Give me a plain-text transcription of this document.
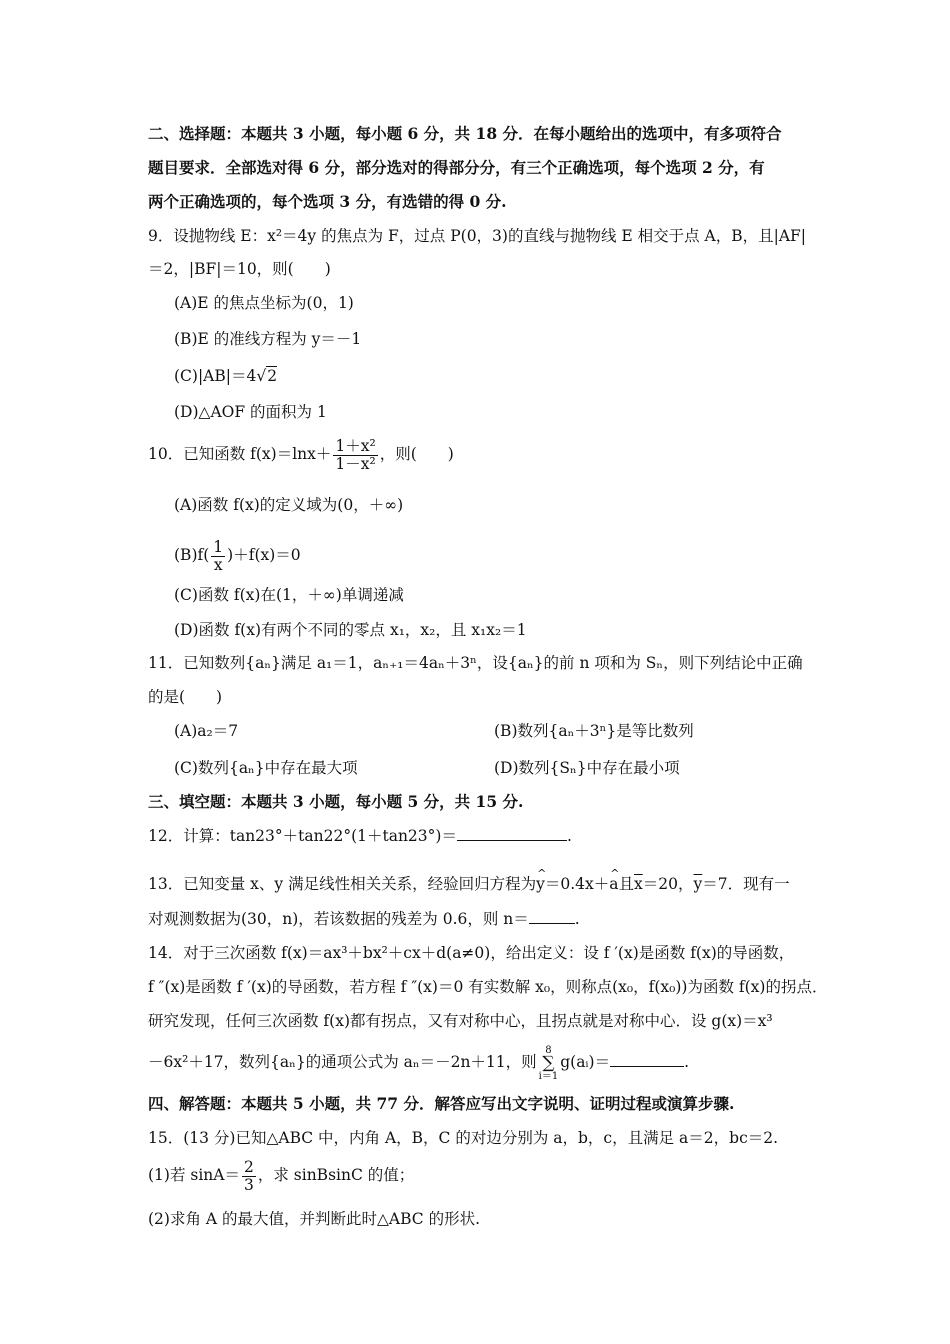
二、选择题：本题共 3 小题，每小题 6 分，共 18 分．在每小题给出的选项中，有多项符合
题目要求．全部选对得 6 分，部分选对的得部分分，有三个正确选项，每个选项 2 分，有
两个正确选项的，每个选项 3 分，有选错的得 0 分.
9．设抛物线 E：x²＝4y 的焦点为 F，过点 P(0，3)的直线与抛物线 E 相交于点 A，B，且|AF|
＝2，|BF|＝10，则(　　)
(A)E 的焦点坐标为(0，1)
(B)E 的准线方程为 y＝－1
(C)|AB|＝4√2
(D)△AOF 的面积为 1
10．已知函数 $f(x)=\ln x+ \frac{\text{1＋x²}}{\text{1－x²}}$ ，则(　　)
(A)函数 f(x)的定义域为(0，＋∞)
$(B)f( \frac{1}{x} )+f(x)=0$
(C)函数 f(x)在(1，＋∞)单调递减
(D)函数 f(x)有两个不同的零点 x₁，x₂，且 x₁x₂＝1
11．已知数列{aₙ}满足 a₁＝1，aₙ₊₁＝4aₙ＋3ⁿ，设{aₙ}的前 n 项和为 Sₙ，则下列结论中正确
的是(　　)
(A)a₂＝7	(B)数列{aₙ＋3ⁿ}是等比数列
(C)数列{aₙ}中存在最大项	(D)数列{Sₙ}中存在最小项
三、填空题：本题共 3 小题，每小题 5 分，共 15 分.
12．计算：tan23°＋tan22°(1＋tan23°)＝	.
13．已知变量 x、y 满足线性相关关系，经验回归方程为^ y＝0.4x＋^ a且$\overline{x}=20$，$\overline{y}=7$．现有一
对观测数据为(30，n)，若该数据的残差为 0.6，则 n＝	.
14．对于三次函数 f(x)＝ax³＋bx²＋cx＋d(a≠0)，给出定义：设 f ′(x)是函数 f(x)的导函数，
f ″(x)是函数 f ′(x)的导函数，若方程 f ″(x)＝0 有实数解 x₀，则称点(x₀，f(x₀))为函数 f(x)的拐点．
研究发现，任何三次函数 f(x)都有拐点，又有对称中心，且拐点就是对称中心．设 g(x)＝x³
－6x²＋17，数列{aₙ}的通项公式为 aₙ＝－2n＋11，则8
∑
i＝1g(aᵢ)＝	.
四、解答题：本题共 5 小题，共 77 分．解答应写出文字说明、证明过程或演算步骤.
15．(13 分)已知△ABC 中，内角 A，B，C 的对边分别为 a，b，c，且满足 a＝2，bc＝2.
(1)若 $\sin A= \frac{2}{3}$ ，求 sinBsinC 的值；
(2)求角 A 的最大值，并判断此时△ABC 的形状.
